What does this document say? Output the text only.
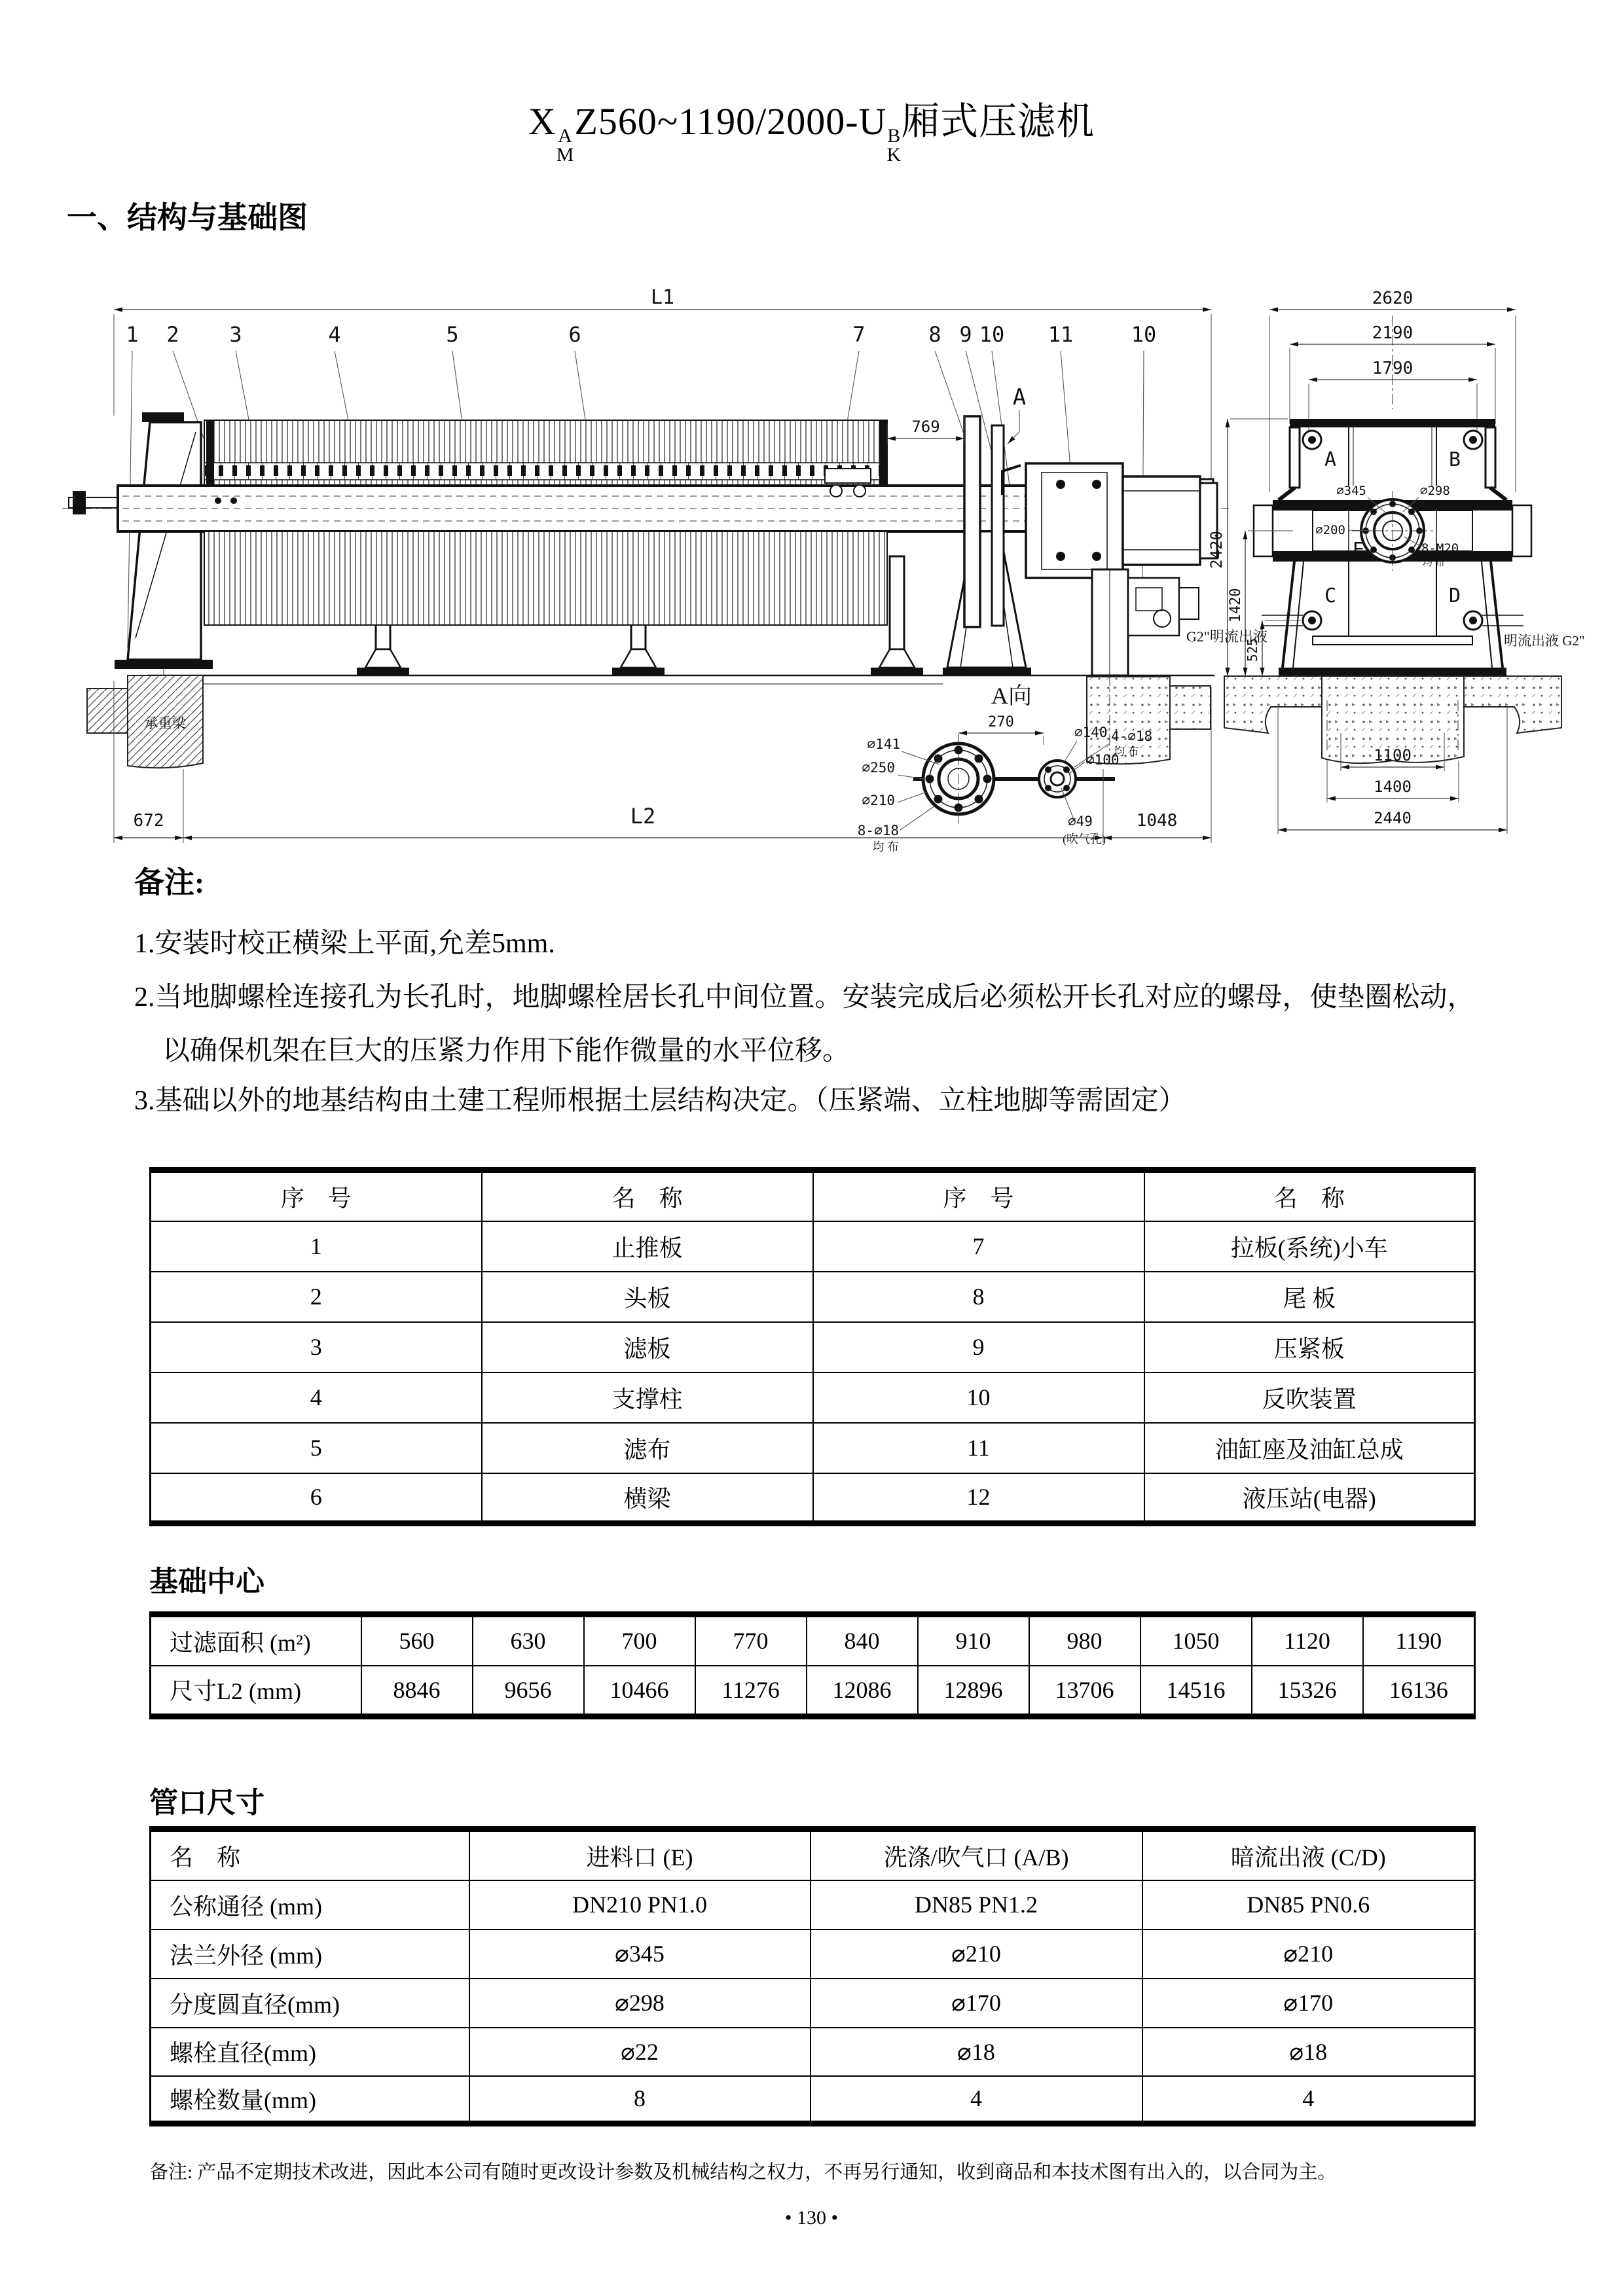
X A
M
Z560~1190/2000-U B
K
厢式压滤机
一、结构与基础图
L1
1 2 3	4	5	6	7	8 9 10 11	10
承重梁
769
A
A向
270
⌀141
⌀250
⌀210
8-⌀18
均 布
⌀140 4-⌀18
均 布
⌀100
⌀49
(吹气孔)
672	L2	1048
G2"明流出液
2620
2190
1790
A	B
C	D
E
⌀345	⌀298
⌀200
8-M20
均 布
2420
1420
525	明流出液 G2"
1100
1400
2440
备注:
1.安装时校正横梁上平面,允差5mm.
2.当地脚螺栓连接孔为长孔时，地脚螺栓居长孔中间位置。安装完成后必须松开长孔对应的螺母，使垫圈松动，
以确保机架在巨大的压紧力作用下能作微量的水平位移。
3.基础以外的地基结构由土建工程师根据土层结构决定。（压紧端、立柱地脚等需固定）
序　号	名　称	序　号	名　称
1	止推板	7	拉板(系统)小车
2	头板	8	尾 板
3	滤板	9	压紧板
4	支撑柱	10	反吹装置
5	滤布	11	油缸座及油缸总成
6	横梁	12	液压站(电器)
基础中心
过滤面积 (m²)	560	630	700	770	840	910	980	1050	1120	1190
尺寸L2 (mm)	8846	9656	10466	11276	12086	12896	13706	14516	15326	16136
管口尺寸
名　称	进料口 (E)	洗涤/吹气口 (A/B)	暗流出液 (C/D)
公称通径 (mm)	DN210 PN1.0	DN85 PN1.2	DN85 PN0.6
法兰外径 (mm)	⌀345	⌀210	⌀210
分度圆直径(mm)	⌀298	⌀170	⌀170
螺栓直径(mm)	⌀22	⌀18	⌀18
螺栓数量(mm)	8	4	4
备注: 产品不定期技术改进，因此本公司有随时更改设计参数及机械结构之权力，不再另行通知，收到商品和本技术图有出入的，以合同为主。
• 130 •
